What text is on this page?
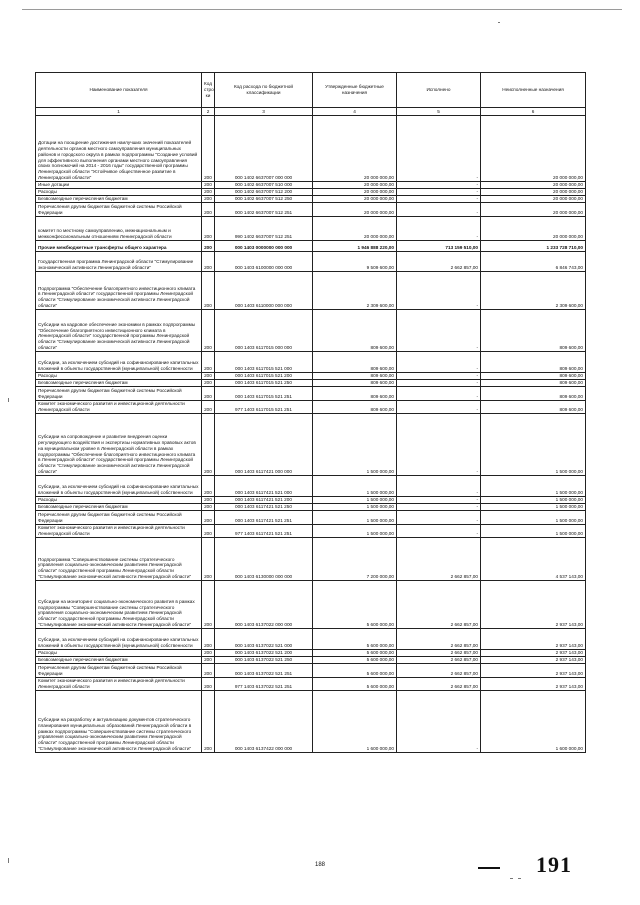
Наименование показателя	Код стро ки	Код расхода по бюджетной классификации	Утвержденные бюджетные назначения	Исполнено	Неисполненные назначения
1	2	3	4	5	6
Дотации на поощрение достижения наилучших значений показателей деятельности органов местного самоуправления муниципальных районов и городского округа в рамках подпрограммы "Создание условий для эффективного выполнения органами местного самоуправления своих полномочий на 2014 - 2016 годы" государственной программы Ленинградской области "Устойчивое общественное развитие в Ленинградской области"	200	000 1402 6637007 000 000	20 000 000,00	-	20 000 000,00
Иные дотации	200	000 1402 6637007 510 000	20 000 000,00	-	20 000 000,00
Расходы	200	000 1402 6637007 512 200	20 000 000,00	-	20 000 000,00
Безвозмездные перечисления бюджетам	200	000 1402 6637007 512 250	20 000 000,00	-	20 000 000,00
Перечисления другим бюджетам бюджетной системы Российской Федерации	200	000 1402 6637007 512 251	20 000 000,00	-	20 000 000,00
комитет по местному самоуправлению, межнациональным и межконфессиональным отношениям Ленинградской области	200	990 1402 6637007 512 251	20 000 000,00	-	20 000 000,00
Прочие межбюджетные трансферты общего характера	200	000 1403 0000000 000 000	1 946 888 220,00	713 159 510,00	1 233 728 710,00
Государственная программа Ленинградской области "Стимулирование экономической активности Ленинградской области"	200	000 1403 6100000 000 000	9 509 600,00	2 662 857,00	6 846 743,00
Подпрограмма "Обеспечение благоприятного инвестиционного климата в Ленинградской области" государственной программы Ленинградской области "Стимулирование экономической активности Ленинградской области"	200	000 1403 6110000 000 000	2 309 600,00	-	2 309 600,00
Субсидии на кадровое обеспечение экономики в рамках подпрограммы "Обеспечение благоприятного инвестиционного климата в Ленинградской области" государственной программы Ленинградской области "Стимулирование экономической активности Ленинградской области"	200	000 1403 6117015 000 000	809 600,00	-	809 600,00
Субсидии, за исключением субсидий на софинансирование капитальных вложений в объекты государственной (муниципальной) собственности	200	000 1403 6117015 521 000	809 600,00	-	809 600,00
Расходы	200	000 1403 6117015 521 200	809 600,00	-	809 600,00
Безвозмездные перечисления бюджетам	200	000 1403 6117015 521 250	809 600,00	-	809 600,00
Перечисления другим бюджетам бюджетной системы Российской Федерации	200	000 1403 6117015 521 251	809 600,00	-	809 600,00
Комитет экономического развития и инвестиционной деятельности Ленинградской области	200	977 1403 6117015 521 251	809 600,00	-	809 600,00
Субсидии на сопровождение и развитие внедрения оценки регулирующего воздействия и экспертизы нормативных правовых актов на муниципальном уровне в Ленинградской области в рамках подпрограммы "Обеспечение благоприятного инвестиционного климата в Ленинградской области" государственной программы Ленинградской области "Стимулирование экономической активности Ленинградской области"	200	000 1403 6117421 000 000	1 500 000,00	-	1 500 000,00
Субсидии, за исключением субсидий на софинансирование капитальных вложений в объекты государственной (муниципальной) собственности	200	000 1403 6117421 521 000	1 500 000,00	-	1 500 000,00
Расходы	200	000 1403 6117421 521 200	1 500 000,00	-	1 500 000,00
Безвозмездные перечисления бюджетам	200	000 1403 6117421 521 250	1 500 000,00	-	1 500 000,00
Перечисления другим бюджетам бюджетной системы Российской Федерации	200	000 1403 6117421 521 251	1 500 000,00	-	1 500 000,00
Комитет экономического развития и инвестиционной деятельности Ленинградской области	200	977 1403 6117421 521 251	1 500 000,00	-	1 500 000,00
Подпрограмма "Совершенствование системы стратегического управления социально-экономическим развитием Ленинградской области" государственной программы Ленинградской области "Стимулирование экономической активности Ленинградской области"	200	000 1403 6130000 000 000	7 200 000,00	2 662 857,00	4 537 143,00
Субсидии на мониторинг социально-экономического развития в рамках подпрограммы "Совершенствование системы стратегического управления социально-экономическим развитием Ленинградской области" государственной программы Ленинградской области "Стимулирование экономической активности Ленинградской области"	200	000 1403 6137022 000 000	5 600 000,00	2 662 857,00	2 937 143,00
Субсидии, за исключением субсидий на софинансирование капитальных вложений в объекты государственной (муниципальной) собственности	200	000 1403 6137022 521 000	5 600 000,00	2 662 857,00	2 937 143,00
Расходы	200	000 1403 6137022 521 200	5 600 000,00	2 662 857,00	2 937 143,00
Безвозмездные перечисления бюджетам	200	000 1403 6137022 521 250	5 600 000,00	2 662 857,00	2 937 143,00
Перечисления другим бюджетам бюджетной системы Российской Федерации	200	000 1403 6137022 521 251	5 600 000,00	2 662 857,00	2 937 143,00
Комитет экономического развития и инвестиционной деятельности Ленинградской области	200	977 1403 6137022 521 251	5 600 000,00	2 662 857,00	2 937 143,00
Субсидии на разработку и актуализацию документов стратегического планирования муниципальных образований Ленинградской области в рамках подпрограммы "Совершенствование системы стратегического управления социально-экономическим развитием Ленинградской области" государственной программы Ленинградской области "Стимулирование экономической активности Ленинградской области"	200	000 1403 6137422 000 000	1 600 000,00	-	1 600 000,00
188	191
